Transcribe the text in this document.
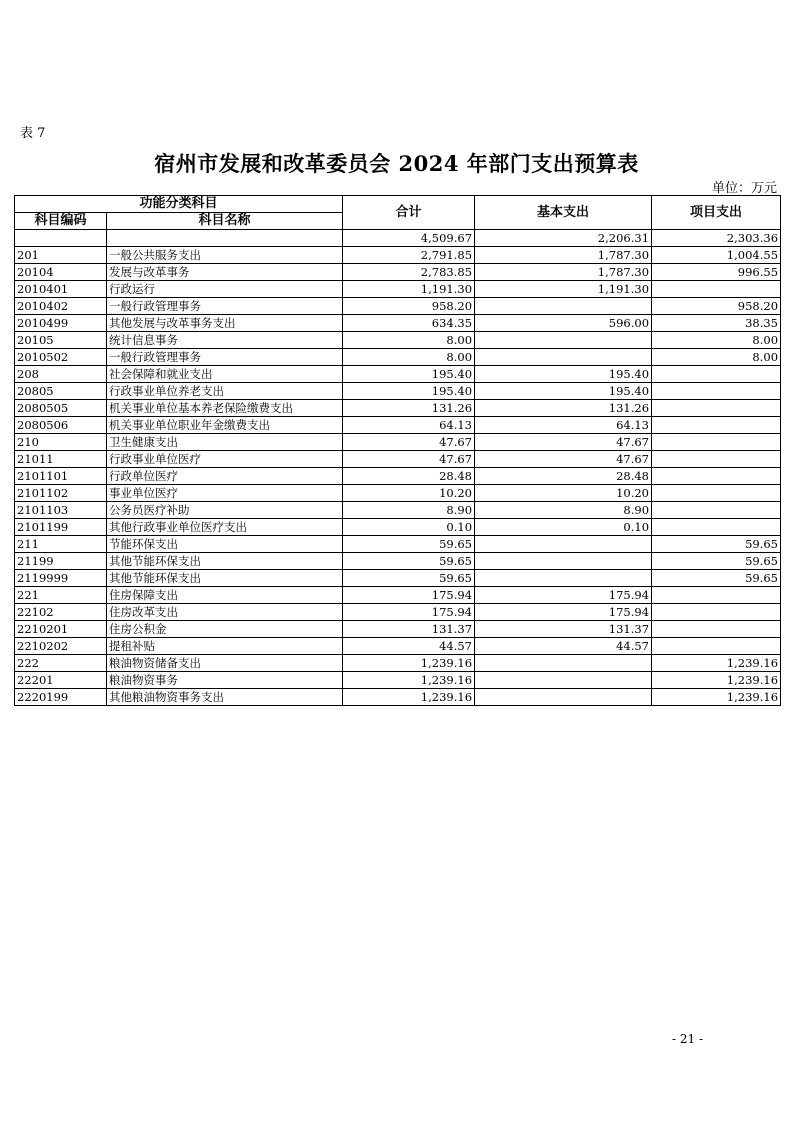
表 7
宿州市发展和改革委员会 2024 年部门支出预算表
单位：万元
功能分类科目		合计	基本支出	项目支出
科目编码	科目名称			
		4,509.67	2,206.31	2,303.36
201	一般公共服务支出	2,791.85	1,787.30	1,004.55
20104	发展与改革事务	2,783.85	1,787.30	996.55
2010401	行政运行	1,191.30	1,191.30	
2010402	一般行政管理事务	958.20		958.20
2010499	其他发展与改革事务支出	634.35	596.00	38.35
20105	统计信息事务	8.00		8.00
2010502	一般行政管理事务	8.00		8.00
208	社会保障和就业支出	195.40	195.40	
20805	行政事业单位养老支出	195.40	195.40	
2080505	机关事业单位基本养老保险缴费支出	131.26	131.26	
2080506	机关事业单位职业年金缴费支出	64.13	64.13	
210	卫生健康支出	47.67	47.67	
21011	行政事业单位医疗	47.67	47.67	
2101101	行政单位医疗	28.48	28.48	
2101102	事业单位医疗	10.20	10.20	
2101103	公务员医疗补助	8.90	8.90	
2101199	其他行政事业单位医疗支出	0.10	0.10	
211	节能环保支出	59.65		59.65
21199	其他节能环保支出	59.65		59.65
2119999	其他节能环保支出	59.65		59.65
221	住房保障支出	175.94	175.94	
22102	住房改革支出	175.94	175.94	
2210201	住房公积金	131.37	131.37	
2210202	提租补贴	44.57	44.57	
222	粮油物资储备支出	1,239.16		1,239.16
22201	粮油物资事务	1,239.16		1,239.16
2220199	其他粮油物资事务支出	1,239.16		1,239.16
- 21 -
